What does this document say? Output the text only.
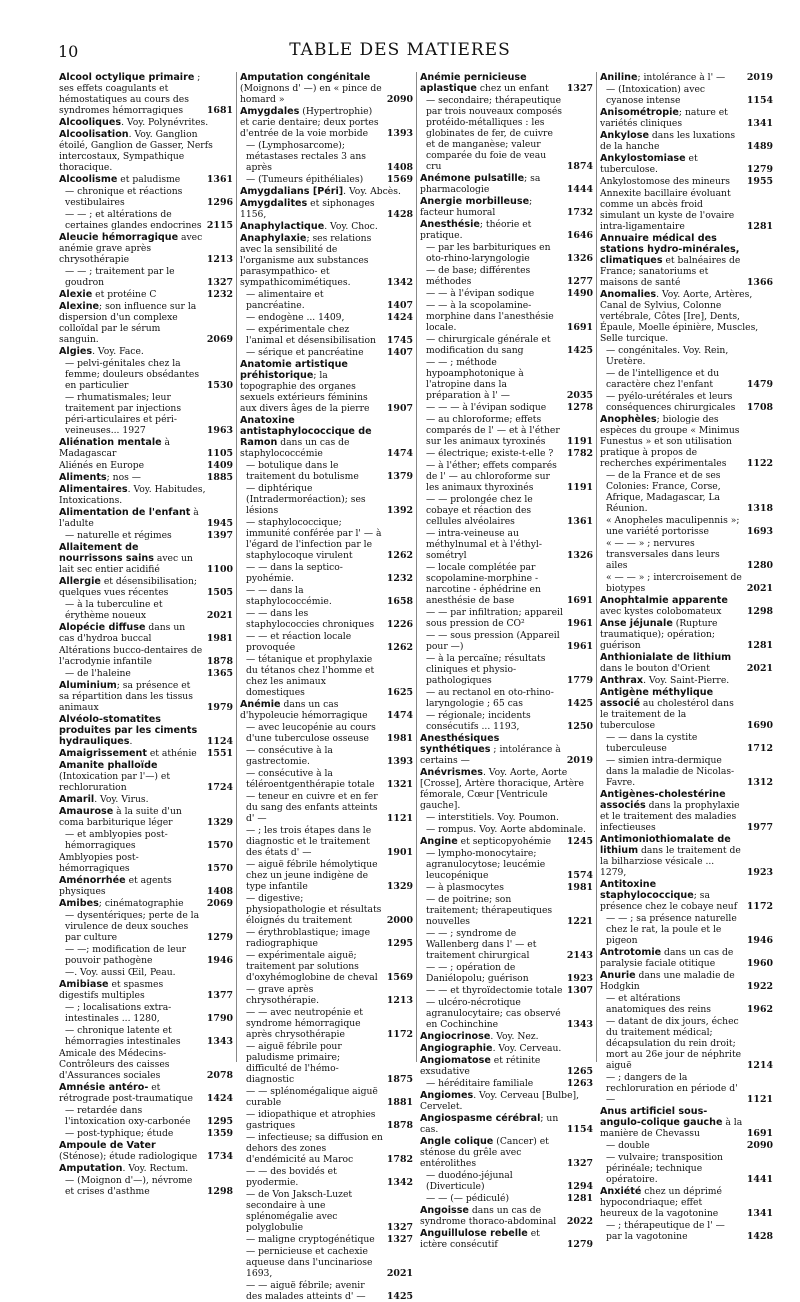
10	TABLE DES MATIERES
Alcool octylique primaire ; ses effets coagulants et hémostatiques au cours des syndromes hémorragiques	1681
Alcooliques. Voy. Polynévrites.
Alcoolisation. Voy. Ganglion étoilé, Ganglion de Gasser, Nerfs intercostaux, Sympathique thoracique.
Alcoolisme et paludisme	1361
— chronique et réactions vestibulaires	1296
— — ; et altérations de certaines glandes endocrines 2115
Aleucie hémorragique avec anémie grave après chrysothérapie	1213
— — ; traitement par le goudron	1327
Alexie et protéine C	1232
Alexine; son influence sur la dispersion d'un complexe colloïdal par le sérum sanguin.	2069
Algies. Voy. Face.
— pelvi-génitales chez la femme; douleurs obsédantes en particulier	1530
— rhumatismales; leur traitement par injections péri-articulaires et péri-veineuses... 1927	1963
Aliénation mentale à Madagascar	1105
Aliénés en Europe	1409
Aliments; nos —	1885
Alimentaires. Voy. Habitudes, Intoxications.
Alimentation de l'enfant à l'adulte	1945
— naturelle et régimes	1397
Allaitement de nourrissons sains avec un lait sec entier acidifié	1100
Allergie et désensibilisation; quelques vues récentes	1505
— à la tuberculine et érythème noueux	2021
Alopécie diffuse dans un cas d'hydroa buccal	1981
Altérations bucco-dentaires de l'acrodynie infantile	1878
— de l'haleine	1365
Aluminium; sa présence et sa répartition dans les tissus animaux	1979
Alvéolo-stomatites produites par les ciments hydrauliques.	1124
Amaigrissement et athénie	1551
Amanite phalloïde (Intoxication par l'—) et rechloruration	1724
Amaril. Voy. Virus.
Amaurose à la suite d'un coma barbiturique léger	1329
— et amblyopies post-hémorragiques	1570
Amblyopies post-hémorragiques	1570
Aménorrhée et agents physiques	1408
Amibes; cinématographie	2069
— dysentériques; perte de la virulence de deux souches par culture	1279
— —; modification de leur pouvoir pathogène	1946
—. Voy. aussi Œil, Peau.
Amibiase et spasmes digestifs multiples	1377
— ; localisations extra-intestinales ... 1280,	1790
— chronique latente et hémorragies intestinales	1343
Amicale des Médecins-Contrôleurs des caisses d'Assurances sociales	2078
Amnésie antéro- et rétrograde post-traumatique	1424
— retardée dans l'intoxication oxy-carbonée	1295
— post-typhique; étude	1359
Ampoule de Vater (Sténose); étude radiologique	1734
Amputation. Voy. Rectum.
— (Moignon d'—), névrome et crises d'asthme	1298
Amputation congénitale (Moignons d' —) en « pince de homard »	2090
Amygdales (Hypertrophie) et carie dentaire; deux portes d'entrée de la voie morbide	1393
— (Lymphosarcome); métastases rectales 3 ans après	1408
— (Tumeurs épithéliales)	1569
Amygdalians [Péri]. Voy. Abcès.
Amygdalites et siphonages 1156,	1428
Anaphylactique. Voy. Choc.
Anaphylaxie; ses relations avec la sensibilité de l'organisme aux substances parasympathico- et sympathicomimétiques.	1342
— alimentaire et pancréatine.	1407
— endogène ... 1409,	1424
— expérimentale chez l'animal et désensibilisation	1745
— sérique et pancréatine	1407
Anatomie artistique préhistorique; la topographie des organes sexuels extérieurs féminins aux divers âges de la pierre	1907
Anatoxine antistaphylococcique de Ramon dans un cas de staphylococcémie	1474
— botulique dans le traitement du botulisme	1379
— diphtérique (Intradermoréaction); ses lésions	1392
— staphylococcique; immunité conférée par l' — à l'égard de l'infection par le staphylocoque virulent	1262
— — dans la septico-pyohémie.	1232
— — dans la staphylococcémie.	1658
— — dans les staphylococcies chroniques	1226
— — et réaction locale provoquée	1262
— tétanique et prophylaxie du tétanos chez l'homme et chez les animaux domestiques	1625
Anémie dans un cas d'hypoleucie hémorragique	1474
— avec leucopénie au cours d'une tuberculose osseuse	1981
— consécutive à la gastrectomie.	1393
— consécutive à la téléroentgenthérapie totale	1321
— teneur en cuivre et en fer du sang des enfants atteints d' —	1121
— ; les trois étapes dans le diagnostic et le traitement des états d' —	1901
— aiguë fébrile hémolytique chez un jeune indigène de type infantile	1329
— digestive; physiopathologie et résultats éloignés du traitement	2000
— érythroblastique; image radiographique	1295
— expérimentale aiguë; traitement par solutions d'oxyhémoglobine de cheval 1569
— grave après chrysothérapie.	1213
— — avec neutropénie et syndrome hémorragique après chrysothérapie	1172
— aiguë fébrile pour paludisme primaire; difficulté de l'hémo-diagnostic	1875
— — splénomégalique aiguë curable	1881
— idiopathique et atrophies gastriques	1878
— infectieuse; sa diffusion en dehors des zones d'endémicité au Maroc	1782
— — des bovidés et pyodermie.	1342
— de Von Jaksch-Luzet secondaire à une splénomégalie avec polyglobulie	1327
— maligne cryptogénétique	1327
— pernicieuse et cachexie aqueuse dans l'uncinariose 1693,	2021
— — aiguë fébrile; avenir des malades atteints d' —	1425
Anémie pernicieuse aplastique chez un enfant	1327
— secondaire; thérapeutique par trois nouveaux composés protéido-métalliques : les globinates de fer, de cuivre et de manganèse; valeur comparée du foie de veau cru	1874
Anémone pulsatille; sa pharmacologie	1444
Anergie morbilleuse; facteur humoral	1732
Anesthésie; théorie et pratique.	1646
— par les barbituriques en oto-rhino-laryngologie	1326
— de base; différentes méthodes	1277
— — à l'évipan sodique	1490
— — à la scopolamine-morphine dans l'anesthésie locale.	1691
— chirurgicale générale et modification du sang	1425
— — ; méthode hypoamphotonique à l'atropine dans la préparation à l' —	2035
— — — à l'évipan sodique	1278
— au chloroforme; effets comparés de l' — et à l'éther sur les animaux tyroxinés	1191
— électrique; existe-t-elle ?	1782
— à l'éther; effets comparés de l' — au chloroforme sur les animaux thyroxinés	1191
— — prolongée chez le cobaye et réaction des cellules alvéolaires	1361
— intra-veineuse au méthylnumal et à l'éthyl-sométryl	1326
— locale complétée par scopolamine-morphine - narcotine - éphédrine en anesthésie de base	1691
— — par infiltration; appareil sous pression de CO²	1961
— — sous pression (Appareil pour —)	1961
— à la percaïne; résultats cliniques et physio-pathologiques	1779
— au rectanol en oto-rhino-laryngologie ; 65 cas	1425
— régionale; incidents consécutifs ... 1193,	1250
Anesthésiques synthétiques ; intolérance à certains —	2019
Anévrismes. Voy. Aorte, Aorte [Crosse], Artère thoracique, Artère fémorale, Cœur [Ventricule gauche].
— interstitiels. Voy. Poumon.
— rompus. Voy. Aorte abdominale.
Angine et septicopyohémie	1245
— lympho-monocytaire; agranulocytose; leucémie leucopénique	1574
— à plasmocytes	1981
— de poitrine; son traitement; thérapeutiques nouvelles	1221
— — ; syndrome de Wallenberg dans l' — et traitement chirurgical	2143
— — ; opération de Daniélopolu; guérison	1923
— — et thyroïdectomie totale 1307
— ulcéro-nécrotique agranulocytaire; cas observé en Cochinchine	1343
Angiocrinose. Voy. Nez.
Angiographie. Voy. Cerveau.
Angiomatose et rétinite exsudative	1265
— héréditaire familiale	1263
Angiomes. Voy. Cerveau [Bulbe], Cervelet.
Angiospasme cérébral; un cas.	1154
Angle colique (Cancer) et sténose du grêle avec entérolithes	1327
— duodéno-jéjunal (Diverticule)	1294
— — (— pédiculé)	1281
Angoisse dans un cas de syndrome thoraco-abdominal	2022
Anguillulose rebelle et ictère consécutif	1279
Aniline; intolérance à l' —	2019
— (Intoxication) avec cyanose intense	1154
Anisométropie; nature et variétés cliniques	1341
Ankylose dans les luxations de la hanche	1489
Ankylostomiase et tuberculose.	1279
Ankylostomose des mineurs	1955
Annexite bacillaire évoluant comme un abcès froid simulant un kyste de l'ovaire intra-ligamentaire	1281
Annuaire médical des stations hydro-minérales, climatiques et balnéaires de France; sanatoriums et maisons de santé	1366
Anomalies. Voy. Aorte, Artères, Canal de Sylvius, Colonne vertébrale, Côtes [Ire], Dents, Épaule, Moelle épinière, Muscles, Selle turcique.
— congénitales. Voy. Rein, Uretère.
— de l'intelligence et du caractère chez l'enfant	1479
— pyélo-urétérales et leurs conséquences chirurgicales	1708
Anophèles; biologie des espèces du groupe « Minimus Funestus » et son utilisation pratique à propos de recherches expérimentales	1122
— de la France et de ses Colonies: France, Corse, Afrique, Madagascar, La Réunion.	1318
« Anopheles maculipennis »; une variété portorisse	1693
« — — » ; nervures transversales dans leurs ailes	1280
« — — » ; intercroisement de biotypes	2021
Anophtalmie apparente avec kystes colobomateux	1298
Anse jéjunale (Rupture traumatique); opération; guérison	1281
Anthionialate de lithium dans le bouton d'Orient	2021
Anthrax. Voy. Saint-Pierre.
Antigène méthylique associé au cholestérol dans le traitement de la tuberculose	1690
— — dans la cystite tuberculeuse	1712
— simien intra-dermique dans la maladie de Nicolas-Favre.	1312
Antigènes-cholestérine associés dans la prophylaxie et le traitement des maladies infectieuses	1977
Antimoniothiomalate de lithium dans le traitement de la bilharziose vésicale ... 1279,	1923
Antitoxine staphylococcique; sa présence chez le cobaye neuf	1172
— — ; sa présence naturelle chez le rat, la poule et le pigeon	1946
Antrotomie dans un cas de paralysie faciale otitique	1960
Anurie dans une maladie de Hodgkin	1922
— et altérations anatomiques des reins	1962
— datant de dix jours, échec du traitement médical; décapsulation du rein droit; mort au 26e jour de néphrite aiguë	1214
— ; dangers de la rechloruration en période d' —	1121
Anus artificiel sous-angulo-colique gauche à la manière de Chevassu	1691
— double	2090
— vulvaire; transposition périnéale; technique opératoire.	1441
Anxiété chez un déprimé hypocondriaque; effet heureux de la vagotonine	1341
— ; thérapeutique de l' — par la vagotonine	1428
